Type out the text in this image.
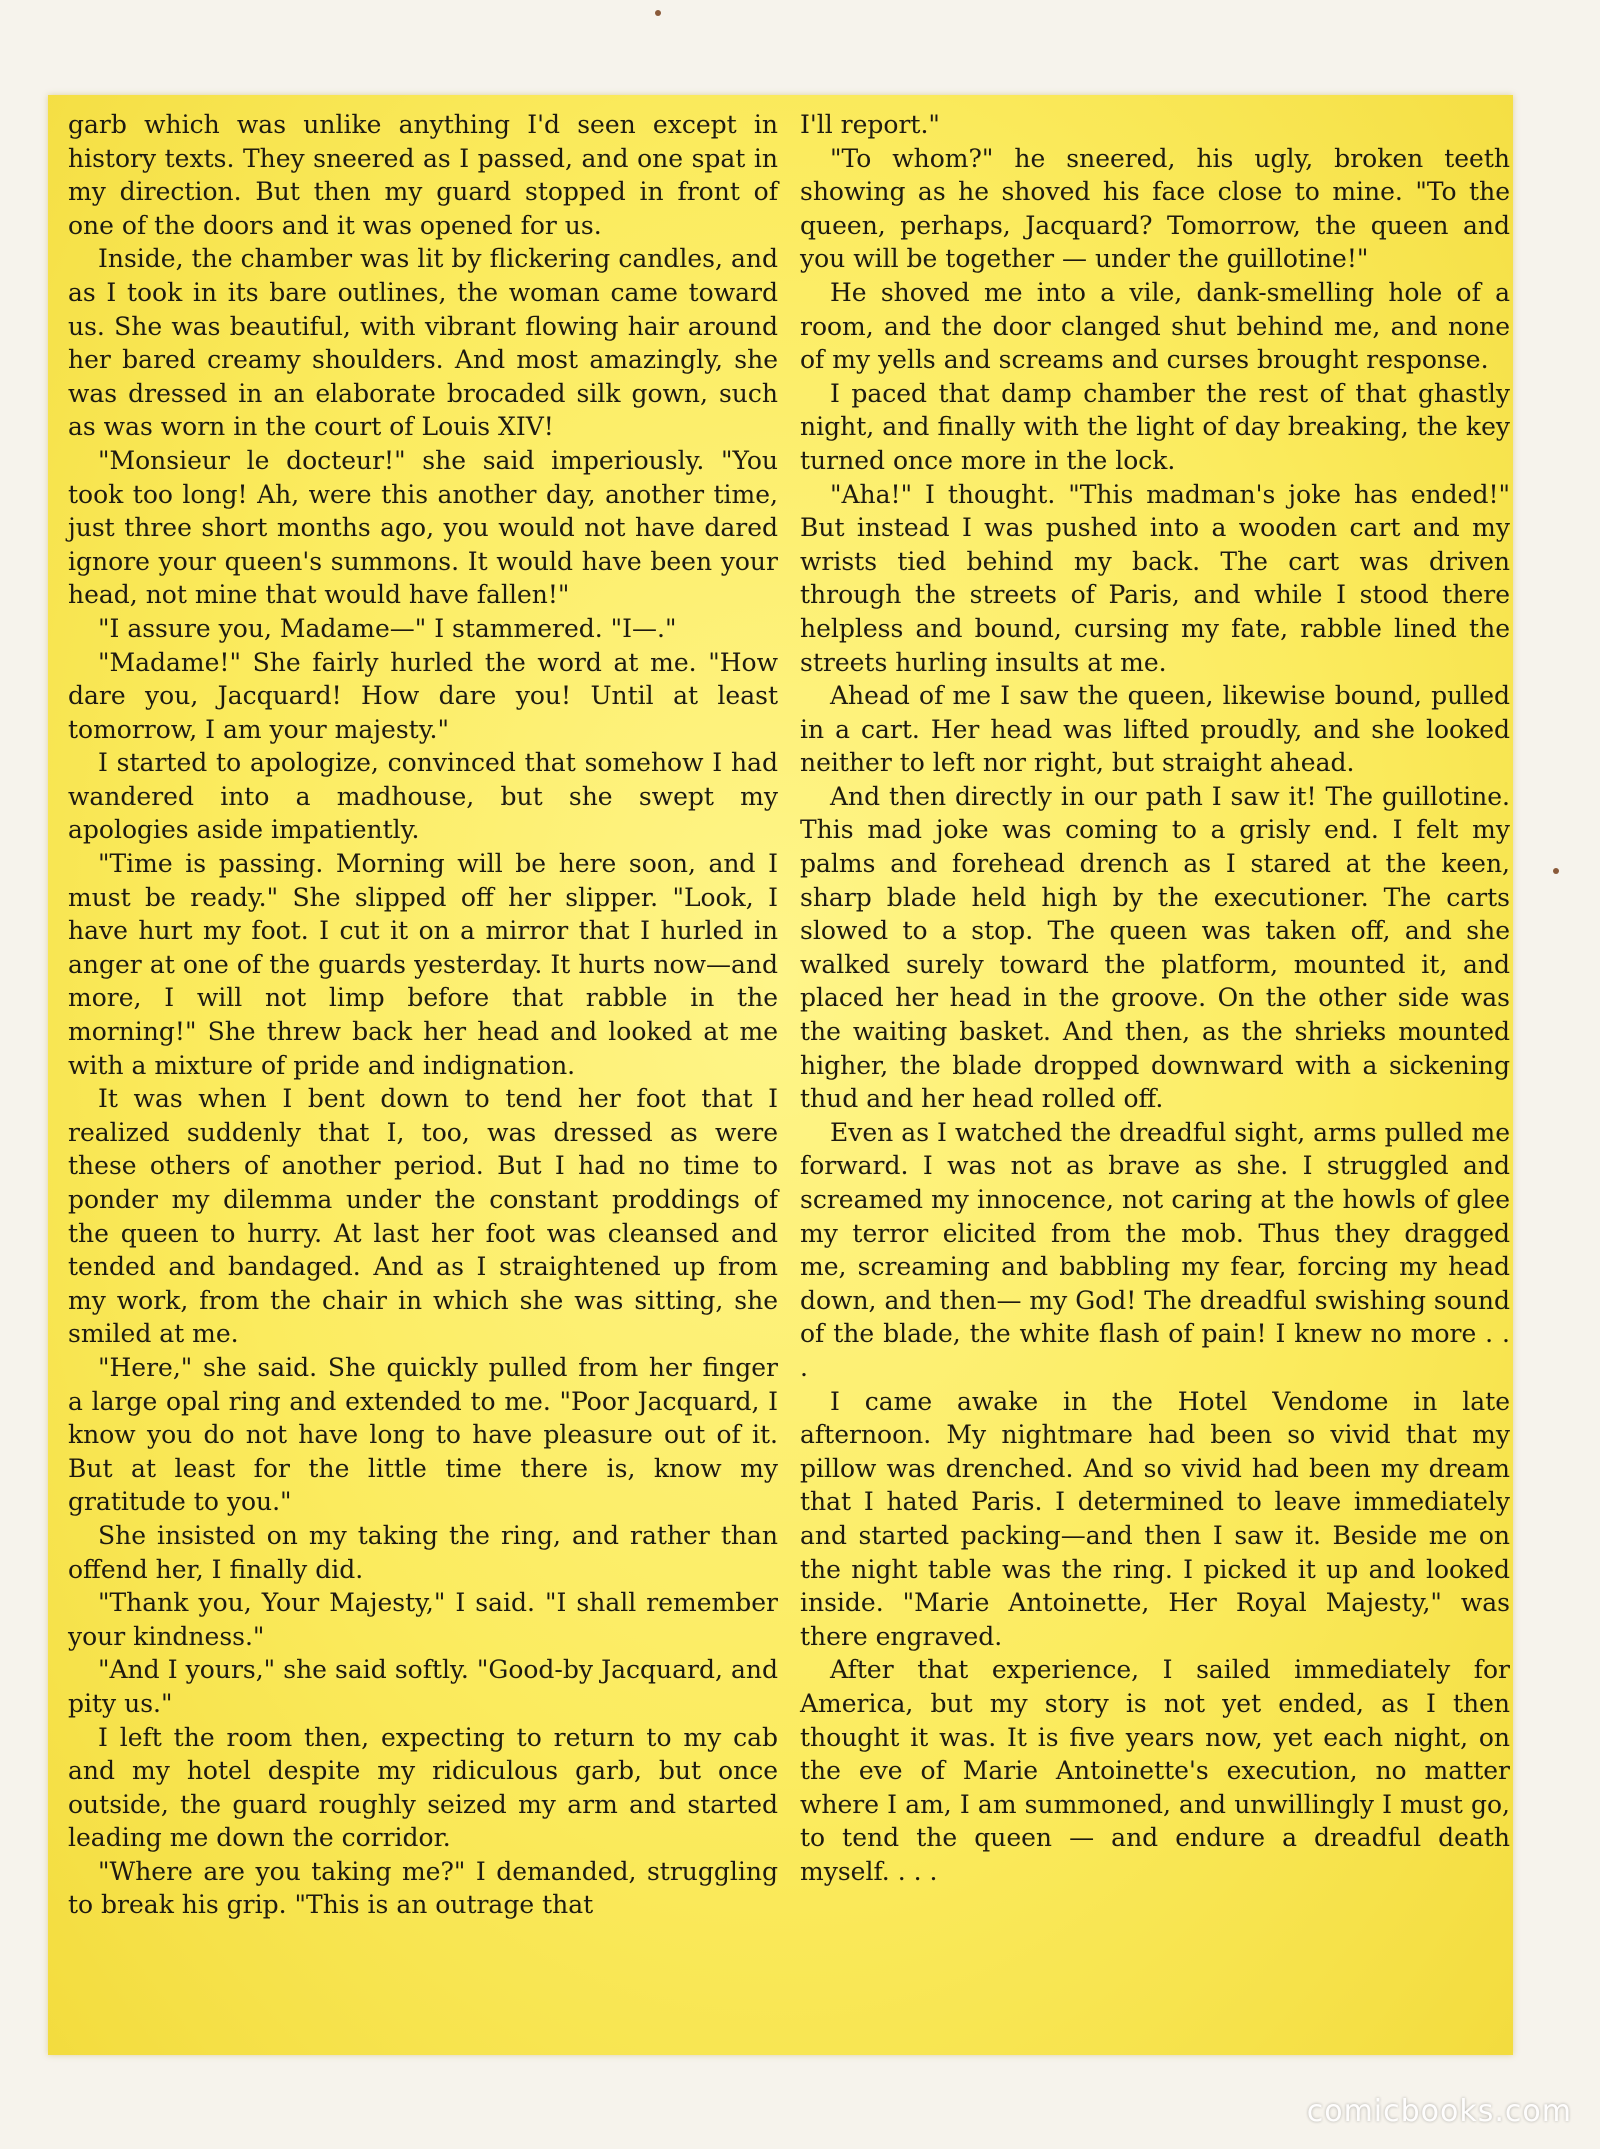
garb which was unlike anything I'd seen except in history texts. They sneered as I passed, and one spat in my direction. But then my guard stopped in front of one of the doors and it was opened for us.

Inside, the chamber was lit by flickering candles, and as I took in its bare outlines, the woman came toward us. She was beautiful, with vibrant flowing hair around her bared creamy shoulders. And most amazingly, she was dressed in an elaborate brocaded silk gown, such as was worn in the court of Louis XIV!

"Monsieur le docteur!" she said imperiously. "You took too long! Ah, were this another day, another time, just three short months ago, you would not have dared ignore your queen's summons. It would have been your head, not mine that would have fallen!"

"I assure you, Madame—" I stammered. "I—."

"Madame!" She fairly hurled the word at me. "How dare you, Jacquard! How dare you! Until at least tomorrow, I am your majesty."

I started to apologize, convinced that somehow I had wandered into a madhouse, but she swept my apologies aside impatiently.

"Time is passing. Morning will be here soon, and I must be ready." She slipped off her slipper. "Look, I have hurt my foot. I cut it on a mirror that I hurled in anger at one of the guards yesterday. It hurts now—and more, I will not limp before that rabble in the morning!" She threw back her head and looked at me with a mixture of pride and indignation.

It was when I bent down to tend her foot that I realized suddenly that I, too, was dressed as were these others of another period. But I had no time to ponder my dilemma under the constant proddings of the queen to hurry. At last her foot was cleansed and tended and bandaged. And as I straightened up from my work, from the chair in which she was sitting, she smiled at me.

"Here," she said. She quickly pulled from her finger a large opal ring and extended to me. "Poor Jacquard, I know you do not have long to have pleasure out of it. But at least for the little time there is, know my gratitude to you."

She insisted on my taking the ring, and rather than offend her, I finally did.

"Thank you, Your Majesty," I said. "I shall remember your kindness."

"And I yours," she said softly. "Good-by Jacquard, and pity us."

I left the room then, expecting to return to my cab and my hotel despite my ridiculous garb, but once outside, the guard roughly seized my arm and started leading me down the corridor.

"Where are you taking me?" I demanded, struggling to break his grip. "This is an outrage that

I'll report."

"To whom?" he sneered, his ugly, broken teeth showing as he shoved his face close to mine. "To the queen, perhaps, Jacquard? Tomorrow, the queen and you will be together — under the guillotine!"

He shoved me into a vile, dank-smelling hole of a room, and the door clanged shut behind me, and none of my yells and screams and curses brought response.

I paced that damp chamber the rest of that ghastly night, and finally with the light of day breaking, the key turned once more in the lock.

"Aha!" I thought. "This madman's joke has ended!" But instead I was pushed into a wooden cart and my wrists tied behind my back. The cart was driven through the streets of Paris, and while I stood there helpless and bound, cursing my fate, rabble lined the streets hurling insults at me.

Ahead of me I saw the queen, likewise bound, pulled in a cart. Her head was lifted proudly, and she looked neither to left nor right, but straight ahead.

And then directly in our path I saw it! The guillotine. This mad joke was coming to a grisly end. I felt my palms and forehead drench as I stared at the keen, sharp blade held high by the executioner. The carts slowed to a stop. The queen was taken off, and she walked surely toward the platform, mounted it, and placed her head in the groove. On the other side was the waiting basket. And then, as the shrieks mounted higher, the blade dropped downward with a sickening thud and her head rolled off.

Even as I watched the dreadful sight, arms pulled me forward. I was not as brave as she. I struggled and screamed my innocence, not caring at the howls of glee my terror elicited from the mob. Thus they dragged me, screaming and babbling my fear, forcing my head down, and then— my God! The dreadful swishing sound of the blade, the white flash of pain! I knew no more . . .

I came awake in the Hotel Vendome in late afternoon. My nightmare had been so vivid that my pillow was drenched. And so vivid had been my dream that I hated Paris. I determined to leave immediately and started packing—and then I saw it. Beside me on the night table was the ring. I picked it up and looked inside. "Marie Antoinette, Her Royal Majesty," was there engraved.

After that experience, I sailed immediately for America, but my story is not yet ended, as I then thought it was. It is five years now, yet each night, on the eve of Marie Antoinette's execution, no matter where I am, I am summoned, and unwillingly I must go, to tend the queen — and endure a dreadful death myself. . . .

comicbooks.com
